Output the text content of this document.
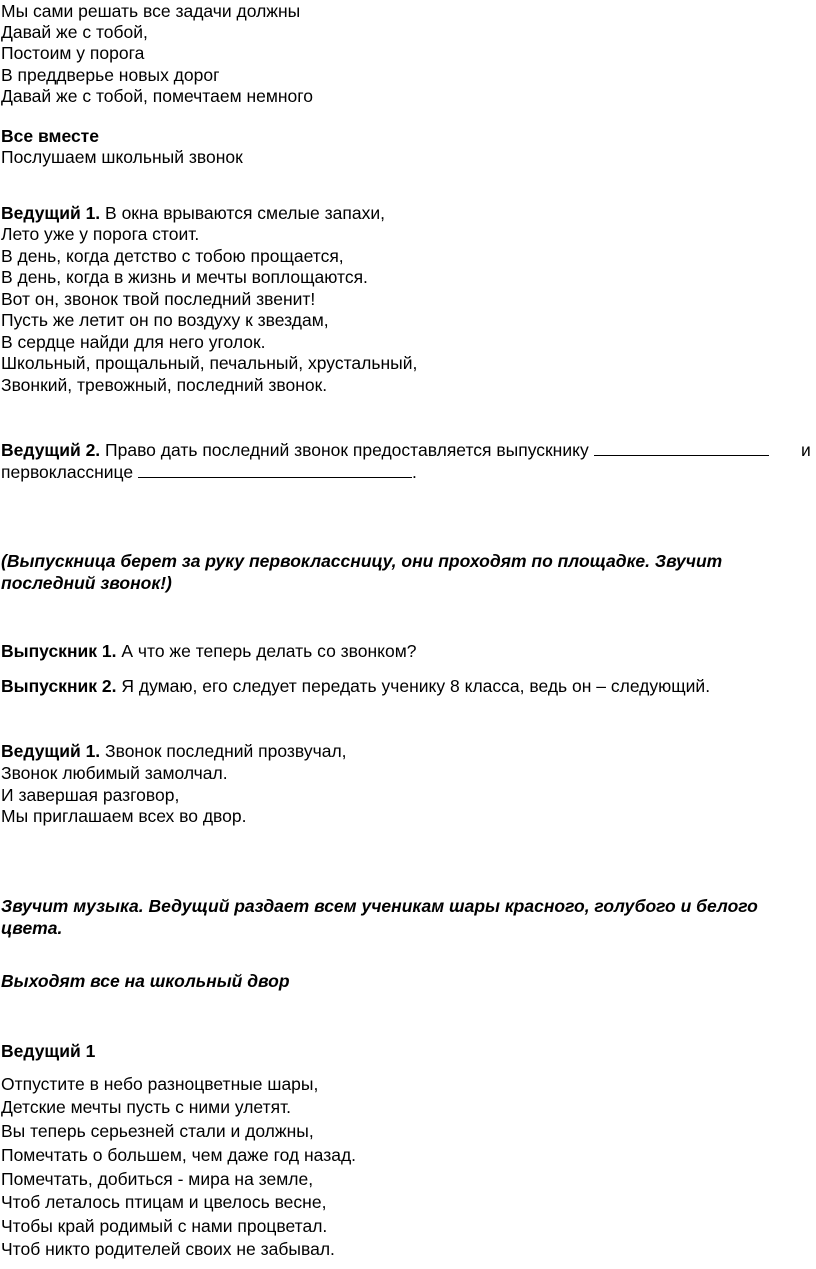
Мы сами решать все задачи должны
Давай же с тобой,
Постоим у порога
В преддверье новых дорог
Давай же с тобой, помечтаем немного
Все вместе
Послушаем школьный звонок
Ведущий 1. В окна врываются смелые запахи,
Лето уже у порога стоит.
В день, когда детство с тобою прощается,
В день, когда в жизнь и мечты воплощаются.
Вот он, звонок твой последний звенит!
Пусть же летит он по воздуху к звездам,
В сердце найди для него уголок.
Школьный, прощальный, печальный, хрустальный,
Звонкий, тревожный, последний звонок.
Ведущий 2. Право дать последний звонок предоставляется выпускнику	и
первокласснице	.
(Выпускница берет за руку первоклассницу, они проходят по площадке. Звучит
последний звонок!)
Выпускник 1. А что же теперь делать со звонком?
Выпускник 2. Я думаю, его следует передать ученику 8 класса, ведь он – следующий.
Ведущий 1. Звонок последний прозвучал,
Звонок любимый замолчал.
И завершая разговор,
Мы приглашаем всех во двор.
Звучит музыка. Ведущий раздает всем ученикам шары красного, голубого и белого
цвета.
Выходят все на школьный двор
Ведущий 1
Отпустите в небо разноцветные шары,
Детские мечты пусть с ними улетят.
Вы теперь серьезней стали и должны,
Помечтать о большем, чем даже год назад.
Помечтать, добиться - мира на земле,
Чтоб леталось птицам и цвелось весне,
Чтобы край родимый с нами процветал.
Чтоб никто родителей своих не забывал.
